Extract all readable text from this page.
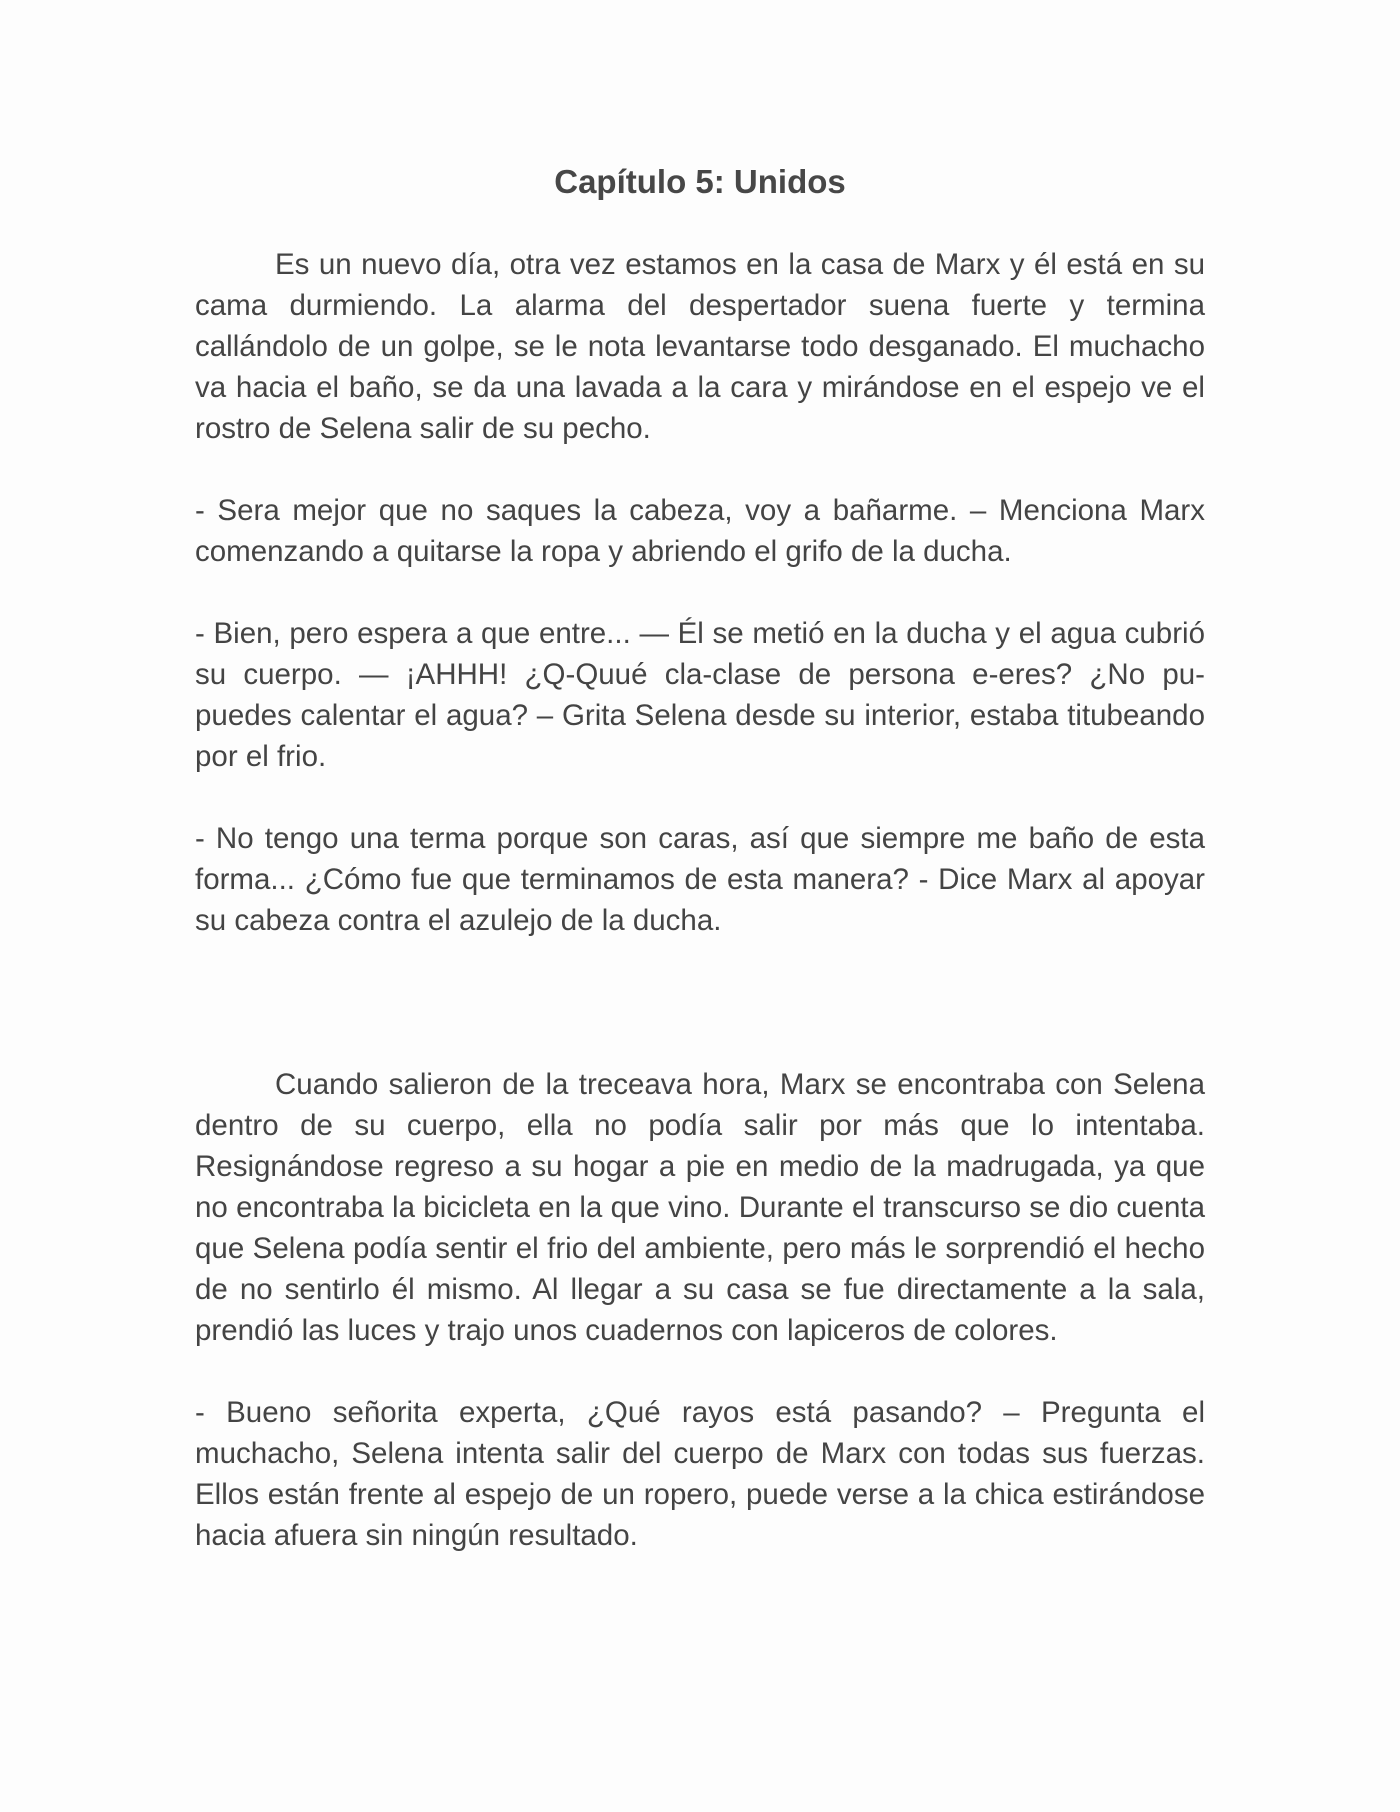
Capítulo 5: Unidos

Es un nuevo día, otra vez estamos en la casa de Marx y él está en su cama durmiendo. La alarma del despertador suena fuerte y termina callándolo de un golpe, se le nota levantarse todo desganado. El muchacho va hacia el baño, se da una lavada a la cara y mirándose en el espejo ve el rostro de Selena salir de su pecho.

- Sera mejor que no saques la cabeza, voy a bañarme. – Menciona Marx comenzando a quitarse la ropa y abriendo el grifo de la ducha.

- Bien, pero espera a que entre... — Él se metió en la ducha y el agua cubrió su cuerpo. — ¡AHHH! ¿Q-Quué cla-clase de persona e-eres? ¿No pu-puedes calentar el agua? – Grita Selena desde su interior, estaba titubeando por el frio.

- No tengo una terma porque son caras, así que siempre me baño de esta forma... ¿Cómo fue que terminamos de esta manera? - Dice Marx al apoyar su cabeza contra el azulejo de la ducha.

Cuando salieron de la treceava hora, Marx se encontraba con Selena dentro de su cuerpo, ella no podía salir por más que lo intentaba. Resignándose regreso a su hogar a pie en medio de la madrugada, ya que no encontraba la bicicleta en la que vino. Durante el transcurso se dio cuenta que Selena podía sentir el frio del ambiente, pero más le sorprendió el hecho de no sentirlo él mismo. Al llegar a su casa se fue directamente a la sala, prendió las luces y trajo unos cuadernos con lapiceros de colores.

- Bueno señorita experta, ¿Qué rayos está pasando? – Pregunta el muchacho, Selena intenta salir del cuerpo de Marx con todas sus fuerzas. Ellos están frente al espejo de un ropero, puede verse a la chica estirándose hacia afuera sin ningún resultado.
